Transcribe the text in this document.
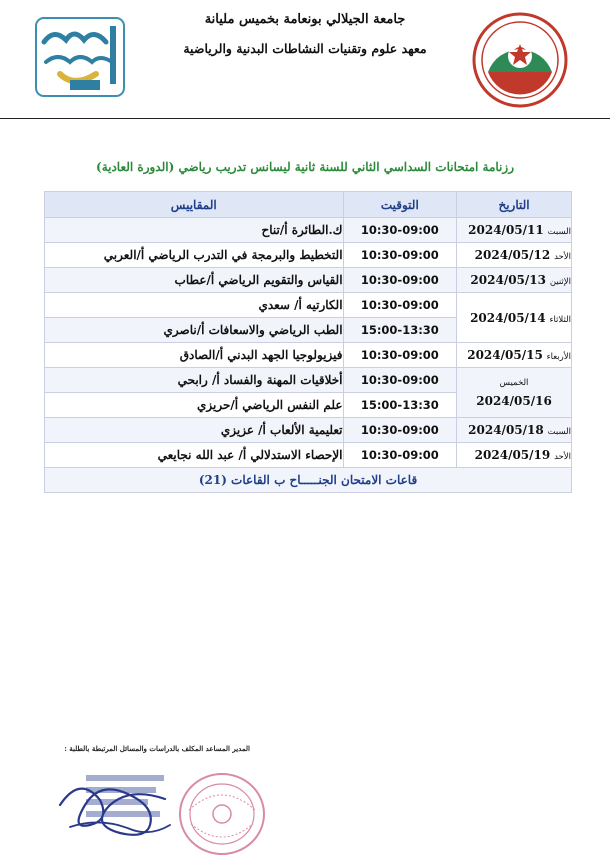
جامعة الجيلالي بونعامة بخميس مليانة
معهد علوم وتقنيات النشاطات البدنية والرياضية
رزنامة امتحانات السداسي الثاني للسنة ثانية ليسانس تدريب رياضي (الدورة العادية)
التاريخ	التوقيت	المقاييس
السبت 2024/05/11	10:30-09:00	ك.الطائرة أ/تناح
الأحد 2024/05/12	10:30-09:00	التخطيط والبرمجة في التدرب الرياضي أ/العربي
الإثنين 2024/05/13	10:30-09:00	القياس والتقويم الرياضي أ/عطاب
الثلاثاء 2024/05/14	10:30-09:00	الكارتيه أ/ سعدي
	15:00-13:30	الطب الرياضي والاسعافات أ/ناصري
الأربعاء 2024/05/15	10:30-09:00	فيزيولوجيا الجهد البدني أ/الصادق

الخميس
2024/05/16	10:30-09:00	أخلاقيات المهنة والفساد أ/ رابحي
	15:00-13:30	علم النفس الرياضي أ/حريزي
السبت 2024/05/18	10:30-09:00	تعليمية الألعاب أ/ عزيزي
الأحد 2024/05/19	10:30-09:00	الإحصاء الاستدلالي أ/ عبد الله نجايعي
قاعات الامتحان الجنـــــاح ب القاعات (21)		
المدير المساعد المكلف بالدراسات والمسائل المرتبطة بالطلبة :
